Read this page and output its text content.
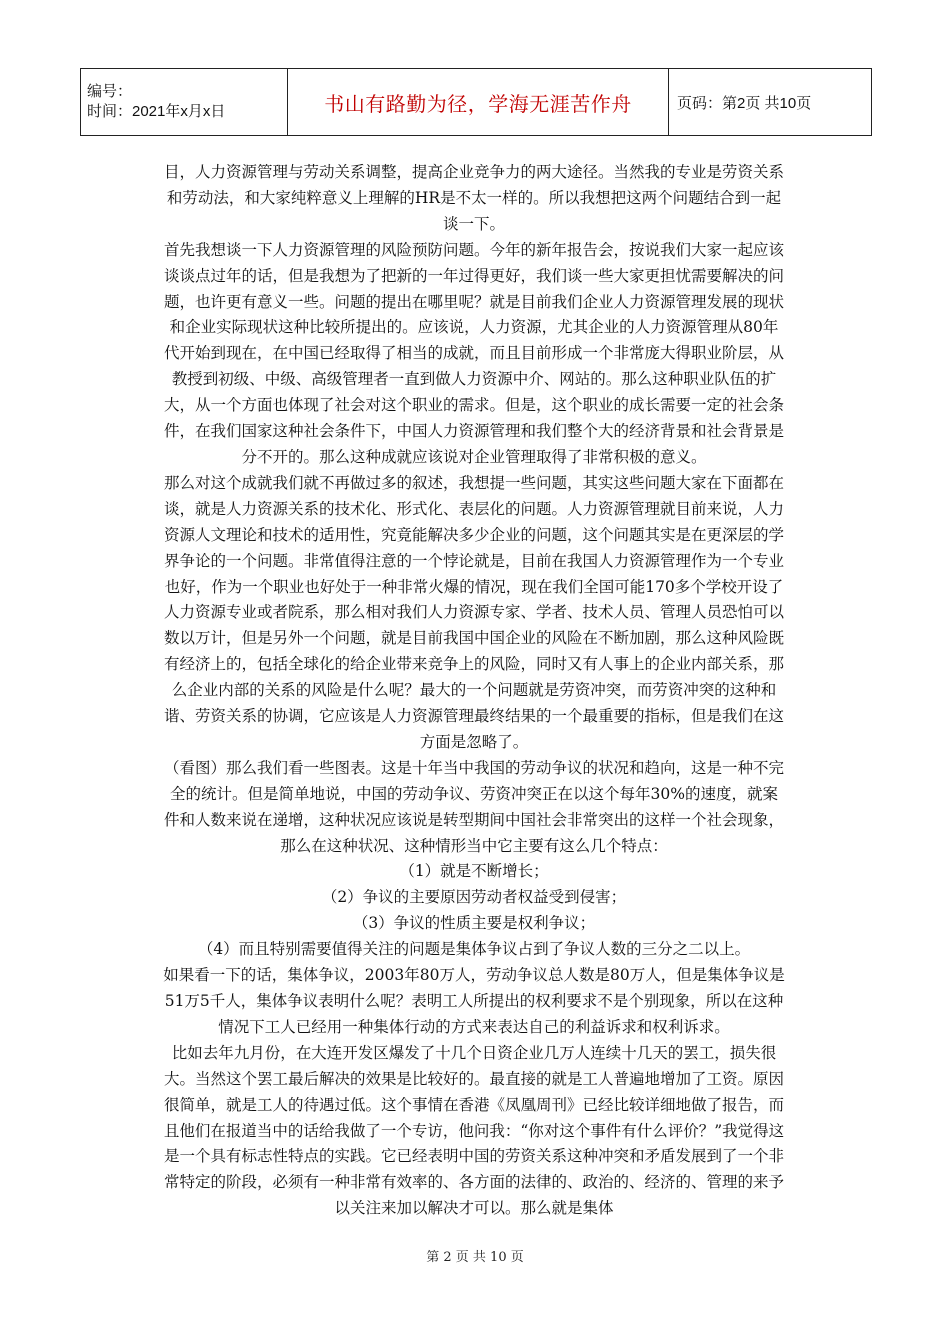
编号：
时间：2021年x月x日	书山有路勤为径，学海无涯苦作舟	页码：第2页 共10页

目，人力资源管理与劳动关系调整，提高企业竞争力的两大途径。当然我的专业是劳资关系和劳动法，和大家纯粹意义上理解的HR是不太一样的。所以我想把这两个问题结合到一起谈一下。

首先我想谈一下人力资源管理的风险预防问题。今年的新年报告会，按说我们大家一起应该谈谈点过年的话，但是我想为了把新的一年过得更好，我们谈一些大家更担忧需要解决的问题，也许更有意义一些。问题的提出在哪里呢？就是目前我们企业人力资源管理发展的现状和企业实际现状这种比较所提出的。应该说，人力资源，尤其企业的人力资源管理从80年代开始到现在，在中国已经取得了相当的成就，而且目前形成一个非常庞大得职业阶层，从教授到初级、中级、高级管理者一直到做人力资源中介、网站的。那么这种职业队伍的扩大，从一个方面也体现了社会对这个职业的需求。但是，这个职业的成长需要一定的社会条件，在我们国家这种社会条件下，中国人力资源管理和我们整个大的经济背景和社会背景是分不开的。那么这种成就应该说对企业管理取得了非常积极的意义。

那么对这个成就我们就不再做过多的叙述，我想提一些问题，其实这些问题大家在下面都在谈，就是人力资源关系的技术化、形式化、表层化的问题。人力资源管理就目前来说，人力资源人文理论和技术的适用性，究竟能解决多少企业的问题，这个问题其实是在更深层的学界争论的一个问题。非常值得注意的一个悖论就是，目前在我国人力资源管理作为一个专业也好，作为一个职业也好处于一种非常火爆的情况，现在我们全国可能170多个学校开设了人力资源专业或者院系，那么相对我们人力资源专家、学者、技术人员、管理人员恐怕可以数以万计，但是另外一个问题，就是目前我国中国企业的风险在不断加剧，那么这种风险既有经济上的，包括全球化的给企业带来竞争上的风险，同时又有人事上的企业内部关系，那么企业内部的关系的风险是什么呢？最大的一个问题就是劳资冲突，而劳资冲突的这种和谐、劳资关系的协调，它应该是人力资源管理最终结果的一个最重要的指标，但是我们在这方面是忽略了。

（看图）那么我们看一些图表。这是十年当中我国的劳动争议的状况和趋向，这是一种不完全的统计。但是简单地说，中国的劳动争议、劳资冲突正在以这个每年30%的速度，就案件和人数来说在递增，这种状况应该说是转型期间中国社会非常突出的这样一个社会现象，那么在这种状况、这种情形当中它主要有这么几个特点：

（1）就是不断增长；

（2）争议的主要原因劳动者权益受到侵害；

（3）争议的性质主要是权利争议；

（4）而且特别需要值得关注的问题是集体争议占到了争议人数的三分之二以上。

如果看一下的话，集体争议，2003年80万人，劳动争议总人数是80万人，但是集体争议是51万5千人，集体争议表明什么呢？表明工人所提出的权利要求不是个别现象，所以在这种情况下工人已经用一种集体行动的方式来表达自己的利益诉求和权利诉求。

比如去年九月份，在大连开发区爆发了十几个日资企业几万人连续十几天的罢工，损失很大。当然这个罢工最后解决的效果是比较好的。最直接的就是工人普遍地增加了工资。原因很简单，就是工人的待遇过低。这个事情在香港《凤凰周刊》已经比较详细地做了报告，而且他们在报道当中的话给我做了一个专访，他问我：“你对这个事件有什么评价？”我觉得这是一个具有标志性特点的实践。它已经表明中国的劳资关系这种冲突和矛盾发展到了一个非常特定的阶段，必须有一种非常有效率的、各方面的法律的、政治的、经济的、管理的来予以关注来加以解决才可以。那么就是集体

第 2 页 共 10 页
